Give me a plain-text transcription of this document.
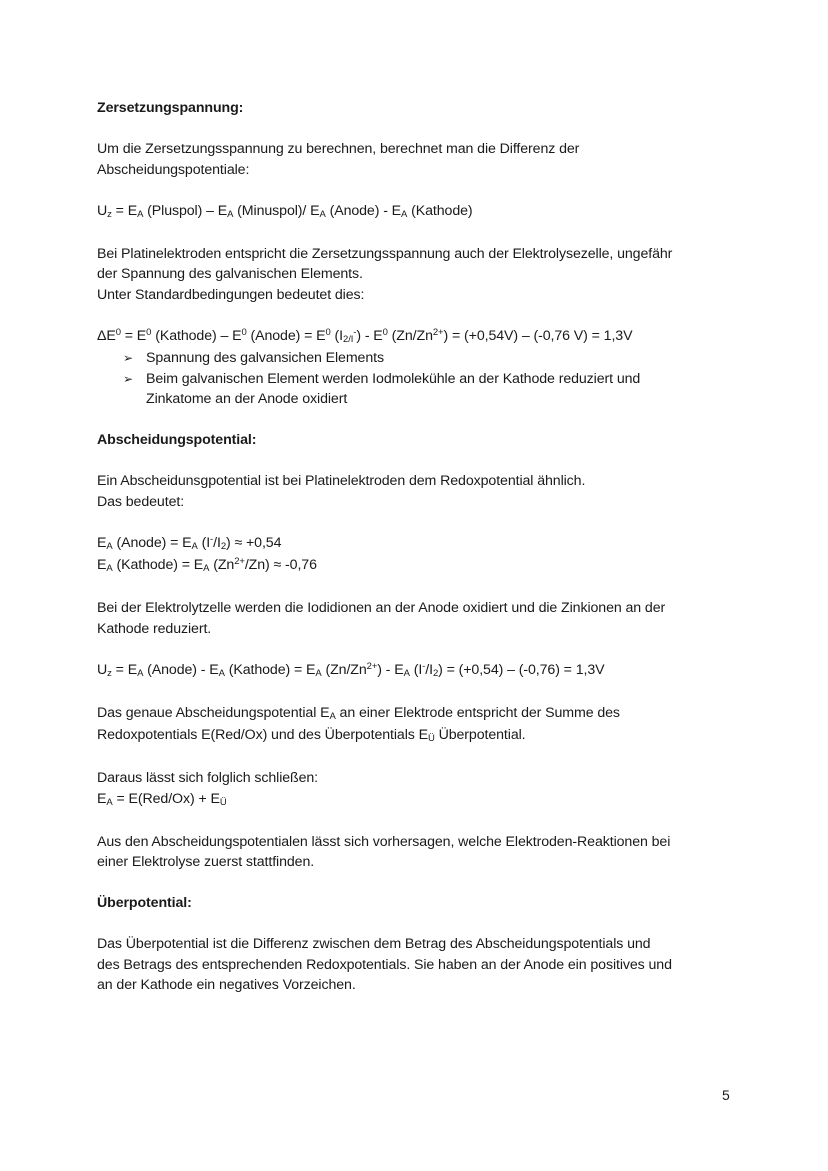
Zersetzungspannung:

Um die Zersetzungsspannung zu berechnen, berechnet man die Differenz der
Abscheidungspotentiale:

Uz = EA (Pluspol) – EA (Minuspol)/ EA (Anode) - EA (Kathode)

Bei Platinelektroden entspricht die Zersetzungsspannung auch der Elektrolysezelle, ungefähr
der Spannung des galvanischen Elements.
Unter Standardbedingungen bedeutet dies:

$\Delta E^0 = E^0$ (Kathode) – $E^0$ (Anode) = $E^0$ $(I2/I^-) - E^0$ $(Zn/Zn^{2+}) = (+0,54V) - (-0,76$ V) = 1,3V

➢ Spannung des galvansichen Elements
➢ Beim galvanischen Element werden Iodmolekühle an der Kathode reduziert und
Zinkatome an der Anode oxidiert
Abscheidungspotential:

Ein Abscheidunsgpotential ist bei Platinelektroden dem Redoxpotential ähnlich.
Das bedeutet:

EA (Anode) = EA (I-/I2) ≈ +0,54

EA (Kathode) = EA $(Zn^{2+}/Zn) \approx -0,76$

Bei der Elektrolytzelle werden die Iodidionen an der Anode oxidiert und die Zinkionen an der
Kathode reduziert.

Uz = EA (Anode) - EA (Kathode) = EA $(Zn/Zn^{2+})$ - EA (I-/I2) = (+0,54) – (-0,76) = 1,3V

Das genaue Abscheidungspotential EA an einer Elektrode entspricht der Summe des
Redoxpotentials E(Red/Ox) und des Überpotentials EÜ Überpotential.

Daraus lässt sich folglich schließen:
EA = E(Red/Ox) + EÜ

Aus den Abscheidungspotentialen lässt sich vorhersagen, welche Elektroden-Reaktionen bei
einer Elektrolyse zuerst stattfinden.

Überpotential:

Das Überpotential ist die Differenz zwischen dem Betrag des Abscheidungspotentials und
des Betrags des entsprechenden Redoxpotentials. Sie haben an der Anode ein positives und
an der Kathode ein negatives Vorzeichen.

5
